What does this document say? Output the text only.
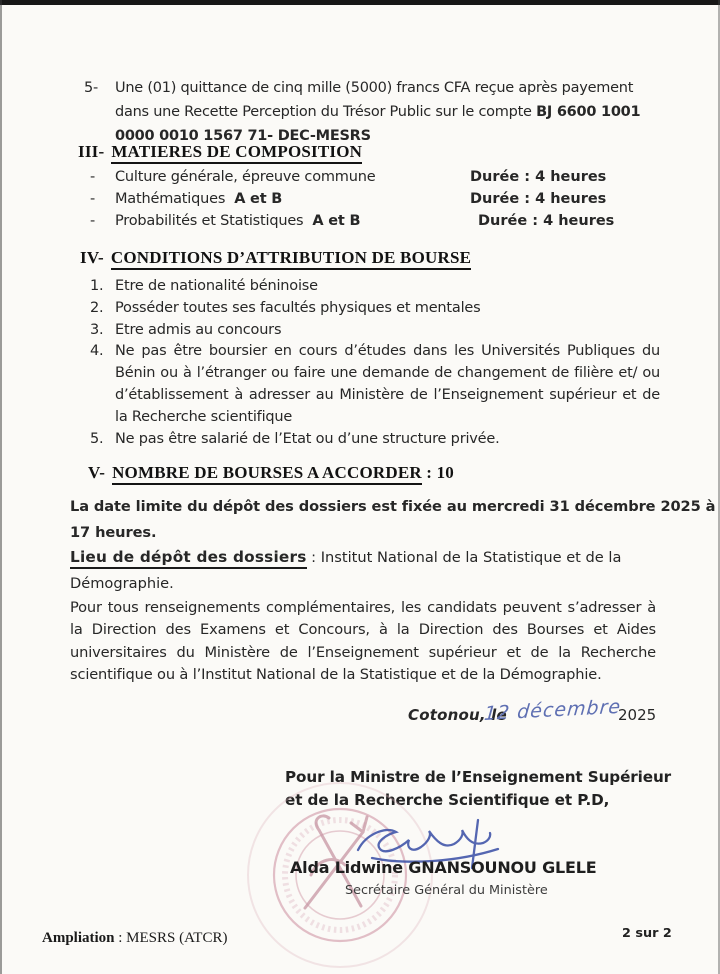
5- Une (01) quittance de cinq mille (5000) francs CFA reçue après payement
dans une Recette Perception du Trésor Public sur le compte BJ 6600 1001
0000 0010 1567 71- DEC-MESRS
III- MATIERES DE COMPOSITION
- Culture générale, épreuve commune	Durée : 4 heures
- Mathématiques A et B	Durée : 4 heures
- Probabilités et Statistiques A et B	Durée : 4 heures
IV- CONDITIONS D’ATTRIBUTION DE BOURSE
1. Etre de nationalité béninoise
2. Posséder toutes ses facultés physiques et mentales
3. Etre admis au concours
4. Ne pas être boursier en cours d’études dans les Universités Publiques du Bénin ou à l’étranger ou faire une demande de changement de filière et/ ou d’établissement à adresser au Ministère de l’Enseignement supérieur et de la Recherche scientifique
5. Ne pas être salarié de l’Etat ou d’une structure privée.
V- NOMBRE DE BOURSES A ACCORDER : 10
La date limite du dépôt des dossiers est fixée au mercredi 31 décembre 2025 à
17 heures.
Lieu de dépôt des dossiers : Institut National de la Statistique et de la Démographie.
Pour tous renseignements complémentaires, les candidats peuvent s’adresser à la Direction des Examens et Concours, à la Direction des Bourses et Aides universitaires du Ministère de l’Enseignement supérieur et de la Recherche scientifique ou à l’Institut National de la Statistique et de la Démographie.
Cotonou, le
12 décembre
2025
Pour la Ministre de l’Enseignement Supérieur
et de la Recherche Scientifique et P.D,
Alda Lidwine GNANSOUNOU GLELE
Secrétaire Général du Ministère
Ampliation : MESRS (ATCR)	2 sur 2
